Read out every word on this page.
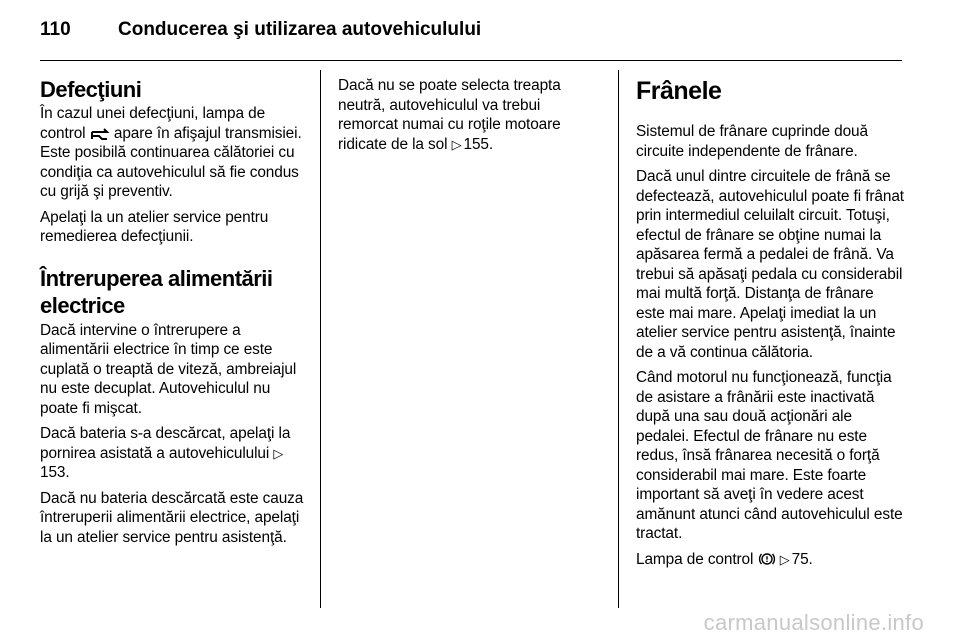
110	Conducerea şi utilizarea autovehiculului
Defecţiuni

În cazul unei defecţiuni, lampa de control apare în afişajul transmisiei. Este posibilă continuarea călătoriei cu condiţia ca autovehiculul să fie condus cu grijă şi preventiv.

Apelaţi la un atelier service pentru remedierea defecţiunii.

Întreruperea alimentării electrice

Dacă intervine o întrerupere a alimentării electrice în timp ce este cuplată o treaptă de viteză, ambreiajul nu este decuplat. Autovehiculul nu poate fi mişcat.

Dacă bateria s-a descărcat, apelaţi la pornirea asistată a autovehiculului ▷153.

Dacă nu bateria descărcată este cauza întreruperii alimentării electrice, apelaţi la un atelier service pentru asistenţă.

Dacă nu se poate selecta treapta neutră, autovehiculul va trebui remorcat numai cu roţile motoare ridicate de la sol ▷ 155.

Frânele

Sistemul de frânare cuprinde două circuite independente de frânare.

Dacă unul dintre circuitele de frână se defectează, autovehiculul poate fi frânat prin intermediul celuilalt circuit. Totuşi, efectul de frânare se obţine numai la apăsarea fermă a pedalei de frână. Va trebui să apăsaţi pedala cu considerabil mai multă forţă. Distanţa de frânare este mai mare. Apelaţi imediat la un atelier service pentru asistenţă, înainte de a vă continua călătoria.

Când motorul nu funcţionează, funcţia de asistare a frânării este inactivată după una sau două acţionări ale pedalei. Efectul de frânare nu este redus, însă frânarea necesită o forţă considerabil mai mare. Este foarte important să aveţi în vedere acest amănunt atunci când autovehiculul este tractat.

Lampa de control ▷ 75.

carmanualsonline.info
